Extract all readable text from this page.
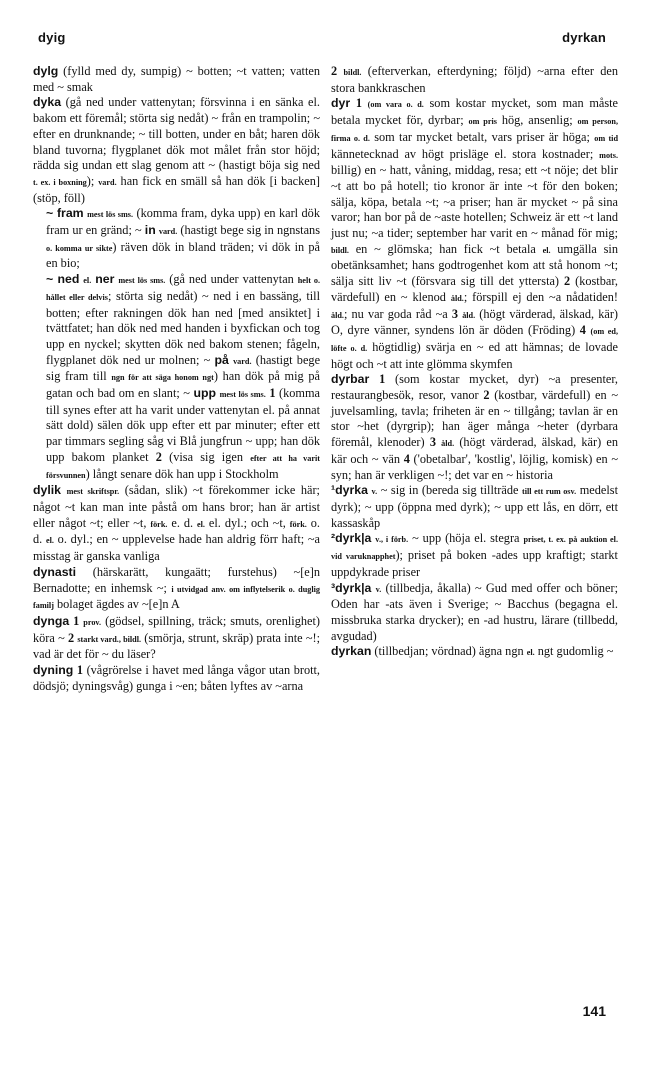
dyig	dyrkan

dylg (fylld med dy, sumpig) ~ botten; ~t vatten; vatten med ~ smak

dyka (gå ned under vattenytan; försvinna i en sänka el. bakom ett föremål; störta sig nedåt) ~ från en trampolin; ~ efter en drunknande; ~ till botten, under en båt; haren dök bland tuvorna; flygplanet dök mot målet från stor höjd; rädda sig undan ett slag genom att ~ (hastigt böja sig ned t. ex. i boxning); vard. han fick en smäll så han dök [i backen] (stöp, föll)

~ fram mest lös sms. (komma fram, dyka upp) en karl dök fram ur en gränd; ~ in vard. (hastigt bege sig in ngnstans o. komma ur sikte) räven dök in bland träden; vi dök in på en bio;

~ ned el. ner mest lös sms. (gå ned under vattenytan helt o. hållet eller delvis; störta sig nedåt) ~ ned i en bassäng, till botten; efter rakningen dök han ned [med ansiktet] i tvättfatet; han dök ned med handen i byxfickan och tog upp en nyckel; skytten dök ned bakom stenen; fågeln, flygplanet dök ned ur molnen; ~ på vard. (hastigt bege sig fram till ngn för att säga honom ngt) han dök på mig på gatan och bad om en slant; ~ upp mest lös sms. 1 (komma till synes efter att ha varit under vattenytan el. på annat sätt dold) sälen dök upp efter ett par minuter; efter ett par timmars segling såg vi Blå jungfrun ~ upp; han dök upp bakom planket 2 (visa sig igen efter att ha varit försvunnen) långt senare dök han upp i Stockholm

dylik mest skriftspr. (sådan, slik) ~t förekommer icke här; något ~t kan man inte påstå om hans bror; han är artist eller något ~t; eller ~t, förk. e. d. el. el. dyl.; och ~t, förk. o. d. el. o. dyl.; en ~ upplevelse hade han aldrig förr haft; ~a misstag är ganska vanliga

dynasti (härskarätt, kungaätt; furstehus) ~[e]n Bernadotte; en inhemsk ~; i utvidgad anv. om inflytelserik o. duglig familj bolaget ägdes av ~[e]n A

dynga 1 prov. (gödsel, spillning, träck; smuts, orenlighet) köra ~ 2 starkt vard., bildl. (smörja, strunt, skräp) prata inte ~!; vad är det för ~ du läser?

dyning 1 (vågrörelse i havet med långa vågor utan brott, dödsjö; dyningsvåg) gunga i ~en; båten lyftes av ~arna

2 bildl. (efterverkan, efterdyning; följd) ~arna efter den stora bankkraschen

dyr 1 (om vara o. d. som kostar mycket, som man måste betala mycket för, dyrbar; om pris hög, ansenlig; om person, firma o. d. som tar mycket betalt, vars priser är höga; om tid kännetecknad av högt prisläge el. stora kostnader; mots. billig) en ~ hatt, våning, middag, resa; ett ~t nöje; det blir ~t att bo på hotell; tio kronor är inte ~t för den boken; sälja, köpa, betala ~t; ~a priser; han är mycket ~ på sina varor; han bor på de ~aste hotellen; Schweiz är ett ~t land just nu; ~a tider; september har varit en ~ månad för mig; bildl. en ~ glömska; han fick ~t betala el. umgälla sin obetänksamhet; hans godtrogenhet kom att stå honom ~t; sälja sitt liv ~t (försvara sig till det yttersta) 2 (kostbar, värdefull) en ~ klenod åld.; förspill ej den ~a nådatiden! åld.; nu var goda råd ~a 3 åld. (högt värderad, älskad, kär) O, dyre vänner, syndens lön är döden (Fröding) 4 (om ed, löfte o. d. högtidlig) svärja en ~ ed att hämnas; de lovade högt och ~t att inte glömma skymfen

dyrbar 1 (som kostar mycket, dyr) ~a presenter, restaurangbesök, resor, vanor 2 (kostbar, värdefull) en ~ juvelsamling, tavla; friheten är en ~ tillgång; tavlan är en stor ~het (dyrgrip); han äger många ~heter (dyrbara föremål, klenoder) 3 åld. (högt värderad, älskad, kär) en kär och ~ vän 4 ('obetalbar', 'kostlig', löjlig, komisk) en ~ syn; han är verkligen ~!; det var en ~ historia

¹dyrka v. ~ sig in (bereda sig tillträde till ett rum osv. medelst dyrk); ~ upp (öppna med dyrk); ~ upp ett lås, en dörr, ett kassaskåp

²dyrk|a v., i förb. ~ upp (höja el. stegra priset, t. ex. på auktion el. vid varuknapphet); priset på boken -ades upp kraftigt; starkt uppdykrade priser

³dyrk|a v. (tillbedja, åkalla) ~ Gud med offer och böner; Oden har -ats även i Sverige; ~ Bacchus (begagna el. missbruka starka drycker); en -ad hustru, lärare (tillbedd, avgudad)

dyrkan (tillbedjan; vördnad) ägna ngn el. ngt gudomlig ~

141
